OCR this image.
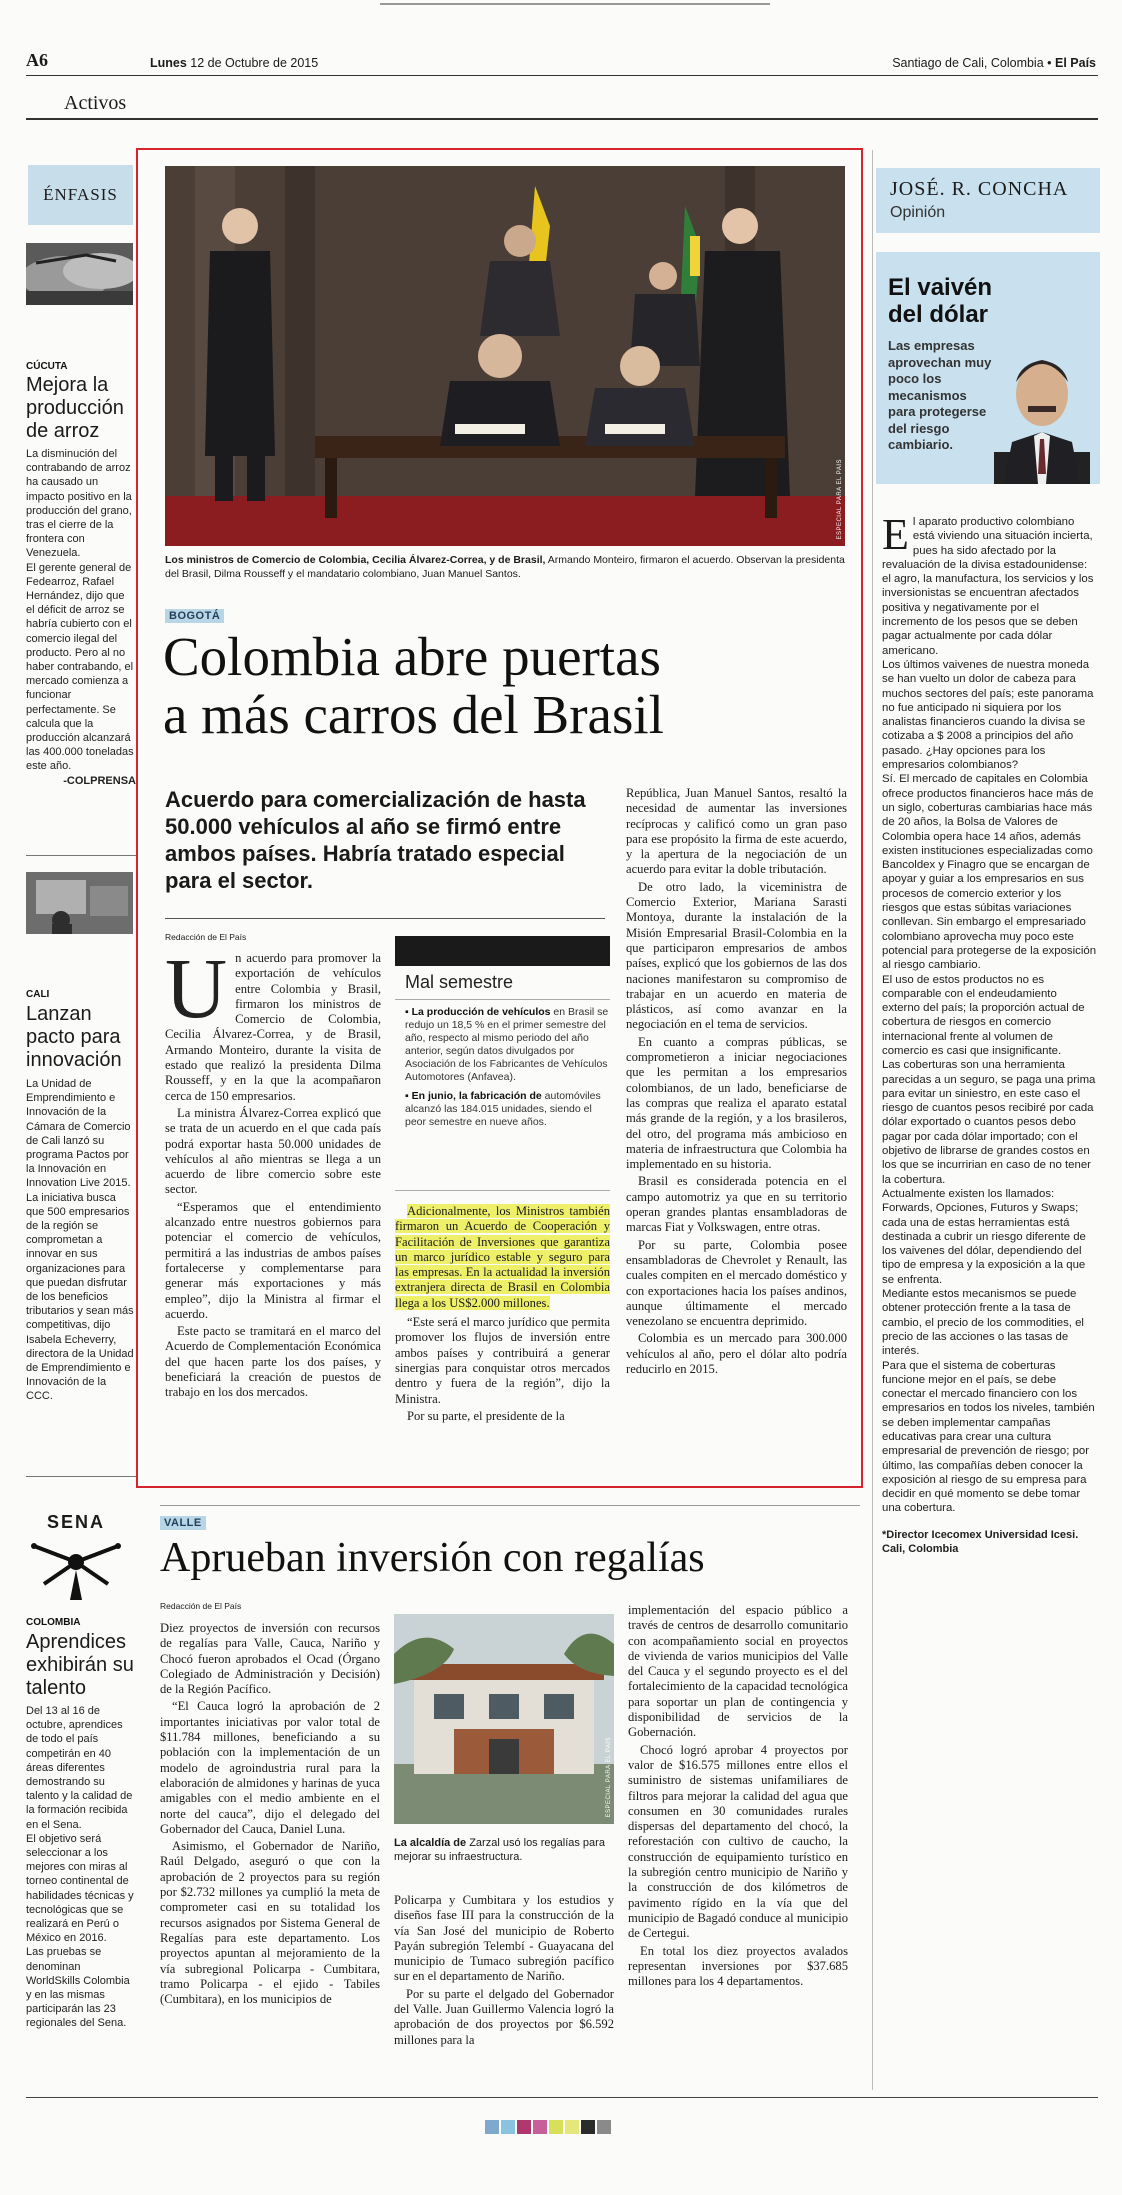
A6	Lunes 12 de Octubre de 2015	Santiago de Cali, Colombia • El País
Activos
ÉNFASIS
CÚCUTA
Mejora la producción de arroz

La disminución del contrabando de arroz ha causado un impacto positivo en la producción del grano, tras el cierre de la frontera con Venezuela.

El gerente general de Fedearroz, Rafael Hernández, dijo que el déficit de arroz se habría cubierto con el comercio ilegal del producto. Pero al no haber contrabando, el mercado comienza a funcionar perfectamente. Se calcula que la producción alcanzará las 400.000 toneladas este año.

-COLPRENSA

CALI
Lanzan pacto para innovación

La Unidad de Emprendimiento e Innovación de la Cámara de Comercio de Cali lanzó su programa Pactos por la Innovación en Innovation Live 2015.

La iniciativa busca que 500 empresarios de la región se comprometan a innovar en sus organizaciones para que puedan disfrutar de los beneficios tributarios y sean más competitivas, dijo Isabela Echeverry, directora de la Unidad de Emprendimiento e Innovación de la CCC.

SENA
COLOMBIA
Aprendices exhibirán su talento

Del 13 al 16 de octubre, aprendices de todo el país competirán en 40 áreas diferentes demostrando su talento y la calidad de la formación recibida en el Sena.

El objetivo será seleccionar a los mejores con miras al torneo continental de habilidades técnicas y tecnológicas que se realizará en Perú o México en 2016.

Las pruebas se denominan WorldSkills Colombia y en las mismas participarán las 23 regionales del Sena.

ESPECIAL PARA EL PAÍS
Los ministros de Comercio de Colombia, Cecilia Álvarez-Correa, y de Brasil, Armando Monteiro, firmaron el acuerdo. Observan la presidenta del Brasil, Dilma Rousseff y el mandatario colombiano, Juan Manuel Santos.
BOGOTÁ
Colombia abre puertas
a más carros del Brasil
Acuerdo para comercialización de hasta 50.000 vehículos al año se firmó entre ambos países. Habría tratado especial para el sector.
Redacción de El País
U n acuerdo para promover la exportación de vehículos entre Colombia y Brasil, firmaron los ministros de Comercio de Colombia, Cecilia Álvarez-Correa, y de Brasil, Armando Monteiro, durante la visita de estado que realizó la presidenta Dilma Rousseff, y en la que la acompañaron cerca de 150 empresarios.

La ministra Álvarez-Correa explicó que se trata de un acuerdo en el que cada país podrá exportar hasta 50.000 unidades de vehículos al año mientras se llega a un acuerdo de libre comercio sobre este sector.

“Esperamos que el entendimiento alcanzado entre nuestros gobiernos para potenciar el comercio de vehículos, permitirá a las industrias de ambos países fortalecerse y complementarse para generar más exportaciones y más empleo”, dijo la Ministra al firmar el acuerdo.

Este pacto se tramitará en el marco del Acuerdo de Complementación Económica del que hacen parte los dos países, y beneficiará la creación de puestos de trabajo en los dos mercados.

Mal semestre
▪ La producción de vehículos en Brasil se redujo un 18,5 % en el primer semestre del año, respecto al mismo periodo del año anterior, según datos divulgados por Asociación de los Fabricantes de Vehículos Automotores (Anfavea).
▪ En junio, la fabricación de automóviles alcanzó las 184.015 unidades, siendo el peor semestre en nueve años.

Adicionalmente, los Ministros también firmaron un Acuerdo de Cooperación y Facilitación de Inversiones que garantiza un marco jurídico estable y seguro para las empresas. En la actualidad la inversión extranjera directa de Brasil en Colombia llega a los US$2.000 millones.

“Este será el marco jurídico que permita promover los flujos de inversión entre ambos países y contribuirá a generar sinergias para conquistar otros mercados dentro y fuera de la región”, dijo la Ministra.

Por su parte, el presidente de la

República, Juan Manuel Santos, resaltó la necesidad de aumentar las inversiones recíprocas y calificó como un gran paso para ese propósito la firma de este acuerdo, y la apertura de la negociación de un acuerdo para evitar la doble tributación.

De otro lado, la viceministra de Comercio Exterior, Mariana Sarasti Montoya, durante la instalación de la Misión Empresarial Brasil-Colombia en la que participaron empresarios de ambos países, explicó que los gobiernos de las dos naciones manifestaron su compromiso de trabajar en un acuerdo en materia de plásticos, así como avanzar en la negociación en el tema de servicios.

En cuanto a compras públicas, se comprometieron a iniciar negociaciones que les permitan a los empresarios colombianos, de un lado, beneficiarse de las compras que realiza el aparato estatal más grande de la región, y a los brasileros, del otro, del programa más ambicioso en materia de infraestructura que Colombia ha implementado en su historia.

Brasil es considerada potencia en el campo automotriz ya que en su territorio operan grandes plantas ensambladoras de marcas Fiat y Volkswagen, entre otras.

Por su parte, Colombia posee ensambladoras de Chevrolet y Renault, las cuales compiten en el mercado doméstico y con exportaciones hacia los países andinos, aunque últimamente el mercado venezolano se encuentra deprimido.

Colombia es un mercado para 300.000 vehículos al año, pero el dólar alto podría reducirlo en 2015.

JOSÉ. R. CONCHA
Opinión
El vaivén del dólar
Las empresas aprovechan muy poco los mecanismos para protegerse del riesgo cambiario.
E l aparato productivo colombiano está viviendo una situación incierta, pues ha sido afectado por la revaluación de la divisa estadounidense: el agro, la manufactura, los servicios y los inversionistas se encuentran afectados positiva y negativamente por el incremento de los pesos que se deben pagar actualmente por cada dólar americano.

Los últimos vaivenes de nuestra moneda se han vuelto un dolor de cabeza para muchos sectores del país; este panorama no fue anticipado ni siquiera por los analistas financieros cuando la divisa se cotizaba a $ 2008 a principios del año pasado. ¿Hay opciones para los empresarios colombianos?

Sí. El mercado de capitales en Colombia ofrece productos financieros hace más de un siglo, coberturas cambiarias hace más de 20 años, la Bolsa de Valores de Colombia opera hace 14 años, además existen instituciones especializadas como Bancoldex y Finagro que se encargan de apoyar y guiar a los empresarios en sus procesos de comercio exterior y los riesgos que estas súbitas variaciones conllevan. Sin embargo el empresariado colombiano aprovecha muy poco este potencial para protegerse de la exposición al riesgo cambiario.

El uso de estos productos no es comparable con el endeudamiento externo del país; la proporción actual de cobertura de riesgos en comercio internacional frente al volumen de comercio es casi que insignificante.

Las coberturas son una herramienta parecidas a un seguro, se paga una prima para evitar un siniestro, en este caso el riesgo de cuantos pesos recibiré por cada dólar exportado o cuantos pesos debo pagar por cada dólar importado; con el objetivo de librarse de grandes costos en los que se incurririan en caso de no tener la cobertura.

Actualmente existen los llamados: Forwards, Opciones, Futuros y Swaps; cada una de estas herramientas está destinada a cubrir un riesgo diferente de los vaivenes del dólar, dependiendo del tipo de empresa y la exposición a la que se enfrenta.

Mediante estos mecanismos se puede obtener protección frente a la tasa de cambio, el precio de los commodities, el precio de las acciones o las tasas de interés.

Para que el sistema de coberturas funcione mejor en el país, se debe conectar el mercado financiero con los empresarios en todos los niveles, también se deben implementar campañas educativas para crear una cultura empresarial de prevención de riesgo; por último, las compañías deben conocer la exposición al riesgo de su empresa para decidir en qué momento se debe tomar una cobertura.

*Director Icecomex Universidad Icesi. Cali, Colombia

VALLE
Aprueban inversión con regalías
Redacción de El País

Diez proyectos de inversión con recursos de regalías para Valle, Cauca, Nariño y Chocó fueron aprobados el Ocad (Órgano Colegiado de Administración y Decisión) de la Región Pacífico.

“El Cauca logró la aprobación de 2 importantes iniciativas por valor total de $11.784 millones, beneficiando a su población con la implementación de un modelo de agroindustria rural para la elaboración de almidones y harinas de yuca amigables con el medio ambiente en el norte del cauca”, dijo el delegado del Gobernador del Cauca, Daniel Luna.

Asimismo, el Gobernador de Nariño, Raúl Delgado, aseguró o que con la aprobación de 2 proyectos para su región por $2.732 millones ya cumplió la meta de comprometer casi en su totalidad los recursos asignados por Sistema General de Regalías para este departamento. Los proyectos apuntan al mejoramiento de la vía subregional Policarpa - Cumbitara, tramo Policarpa - el ejido - Tabiles (Cumbitara), en los municipios de

ESPECIAL PARA EL PAÍS
La alcaldía de Zarzal usó los regalías para mejorar su infraestructura.

Policarpa y Cumbitara y los estudios y diseños fase III para la construcción de la vía San José del municipio de Roberto Payán subregión Telembí - Guayacana del municipio de Tumaco subregión pacífico sur en el departamento de Nariño.

Por su parte el delgado del Gobernador del Valle. Juan Guillermo Valencia logró la aprobación de dos proyectos por $6.592 millones para la

implementación del espacio público a través de centros de desarrollo comunitario con acompañamiento social en proyectos de vivienda de varios municipios del Valle del Cauca y el segundo proyecto es el del fortalecimiento de la capacidad tecnológica para soportar un plan de contingencia y disponibilidad de servicios de la Gobernación.

Chocó logró aprobar 4 proyectos por valor de $16.575 millones entre ellos el suministro de sistemas unifamiliares de filtros para mejorar la calidad del agua que consumen en 30 comunidades rurales dispersas del departamento del chocó, la reforestación con cultivo de caucho, la construcción de equipamiento turístico en la subregión centro municipio de Nariño y la construcción de dos kilómetros de pavimento rígido en la vía que del municipio de Bagadó conduce al municipio de Certegui.

En total los diez proyectos avalados representan inversiones por $37.685 millones para los 4 departamentos.
